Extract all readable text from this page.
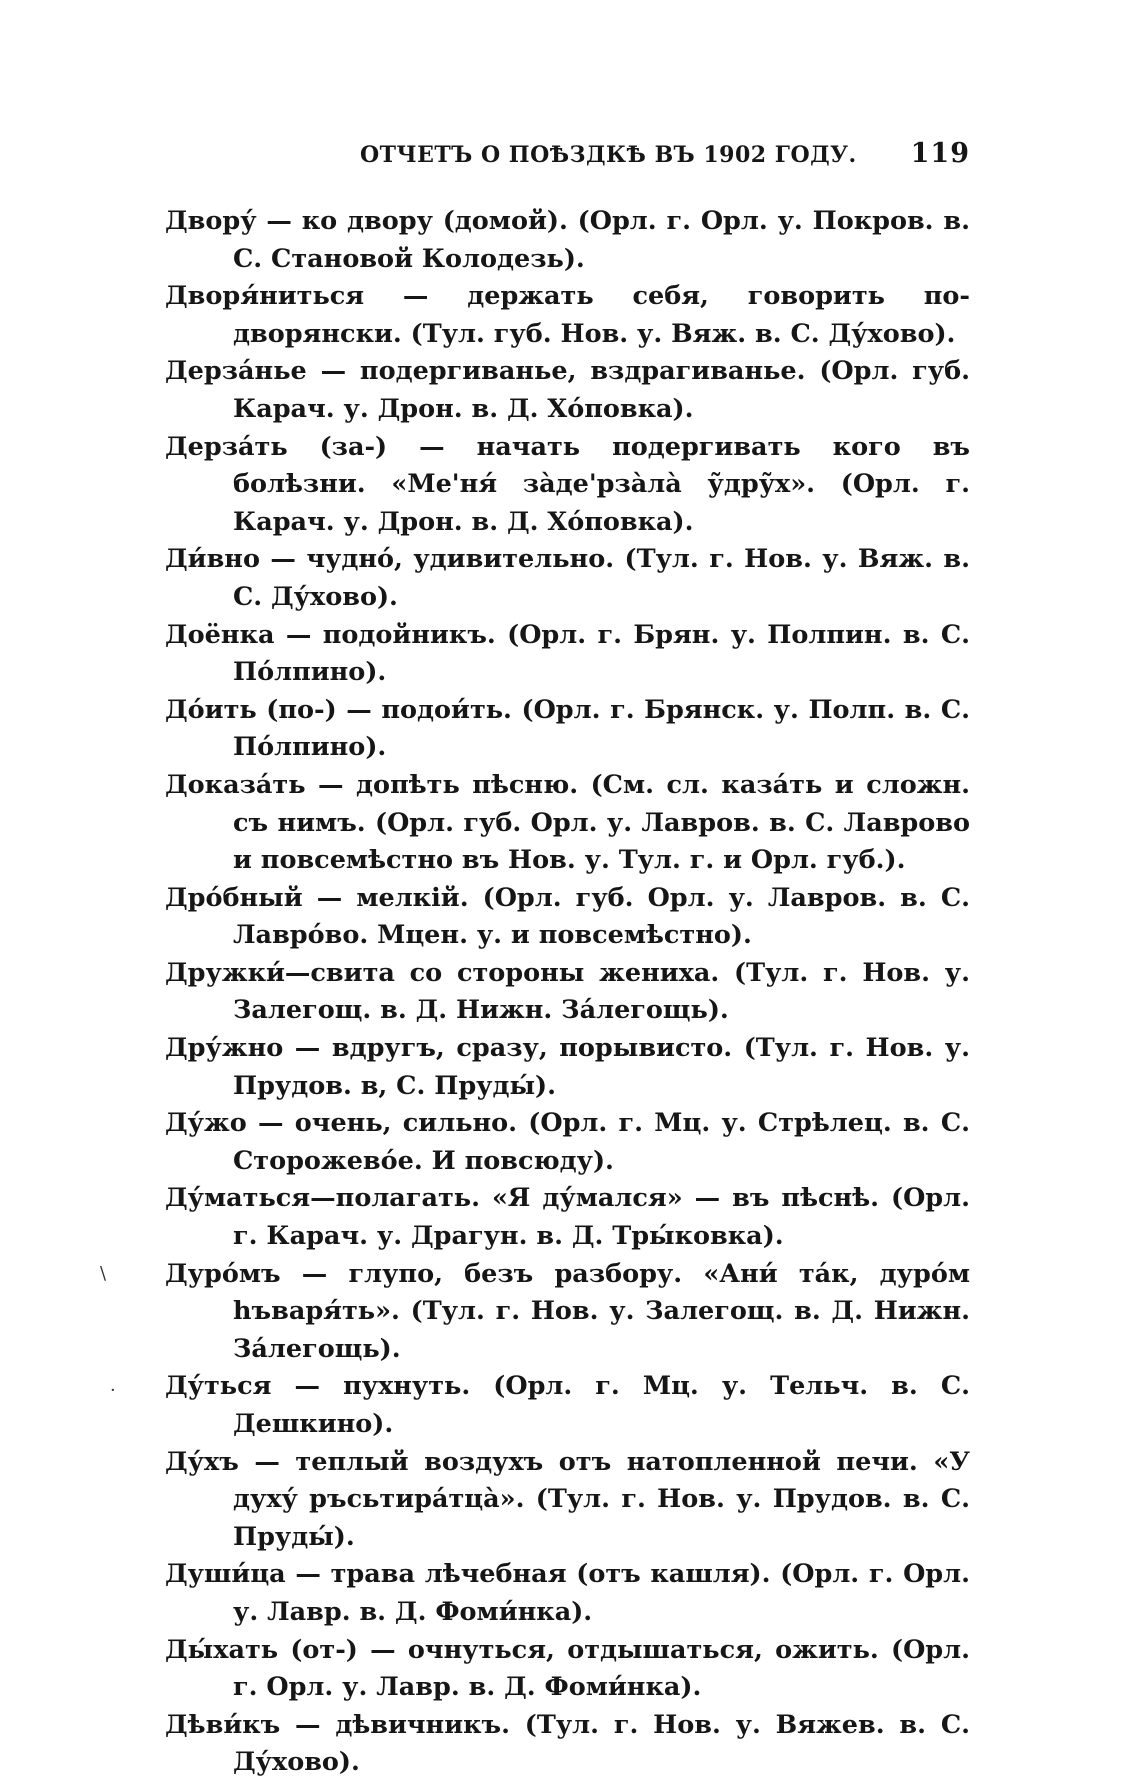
ОТЧЕТЪ О ПОѢЗДКѢ ВЪ 1902 ГОДУ. 119

Двору́ — ко двору (домой). (Орл. г. Орл. у. Покров. в. С. Становой Колодезь).

Дворя́ниться — держать себя, говорить по-дворянски. (Тул. губ. Нов. у. Вяж. в. С. Ду́хово).

Дерза́нье — подергиванье, вздрагиванье. (Орл. губ. Карач. у. Дрон. в. Д. Хо́повка).

Дерза́ть (за-) — начать подергивать кого въ болѣзни. «Ме'ня́ за̀де'рза̀ла̀ у̃дру̃х». (Орл. г. Карач. у. Дрон. в. Д. Хо́повка).

Ди́вно — чудно́, удивительно. (Тул. г. Нов. у. Вяж. в. С. Ду́хово).

Доёнка — подойникъ. (Орл. г. Брян. у. Полпин. в. С. По́лпино).

До́ить (по-) — подои́ть. (Орл. г. Брянск. у. Полп. в. С. По́лпино).

Доказа́ть — допѣть пѣсню. (См. сл. каза́ть и сложн. съ нимъ. (Орл. губ. Орл. у. Лавров. в. С. Лаврово и повсемѣстно въ Нов. у. Тул. г. и Орл. губ.).

Дро́бный — мелкій. (Орл. губ. Орл. у. Лавров. в. С. Лавро́во. Мцен. у. и повсемѣстно).

Дружки́—свита со стороны жениха. (Тул. г. Нов. у. Залегощ. в. Д. Нижн. За́легощь).

Дру́жно — вдругъ, сразу, порывисто. (Тул. г. Нов. у. Прудов. в, С. Пруды́).

Ду́жо — очень, сильно. (Орл. г. Мц. у. Стрѣлец. в. С. Сторожево́е. И повсюду).

Ду́маться—полагать. «Я ду́мался» — въ пѣснѣ. (Орл. г. Карач. у. Драгун. в. Д. Тры́ковка).

Дуро́мъ — глупо, безъ разбору. «Ани́ та́к, дуро́м һъваря́ть». (Тул. г. Нов. у. Залегощ. в. Д. Нижн. За́легощь).

Ду́ться — пухнуть. (Орл. г. Мц. у. Тельч. в. С. Дешкино).

Ду́хъ — теплый воздухъ отъ натопленной печи. «У духу́ ръсьтира́тца̀». (Тул. г. Нов. у. Прудов. в. С. Пруды́).

Души́ца — трава лѣчебная (отъ кашля). (Орл. г. Орл. у. Лавр. в. Д. Фоми́нка).

Ды́хать (от-) — очнуться, отдышаться, ожить. (Орл. г. Орл. у. Лавр. в. Д. Фоми́нка).

Дѣви́къ — дѣвичникъ. (Тул. г. Нов. у. Вяжев. в. С. Ду́хово).

\
·
